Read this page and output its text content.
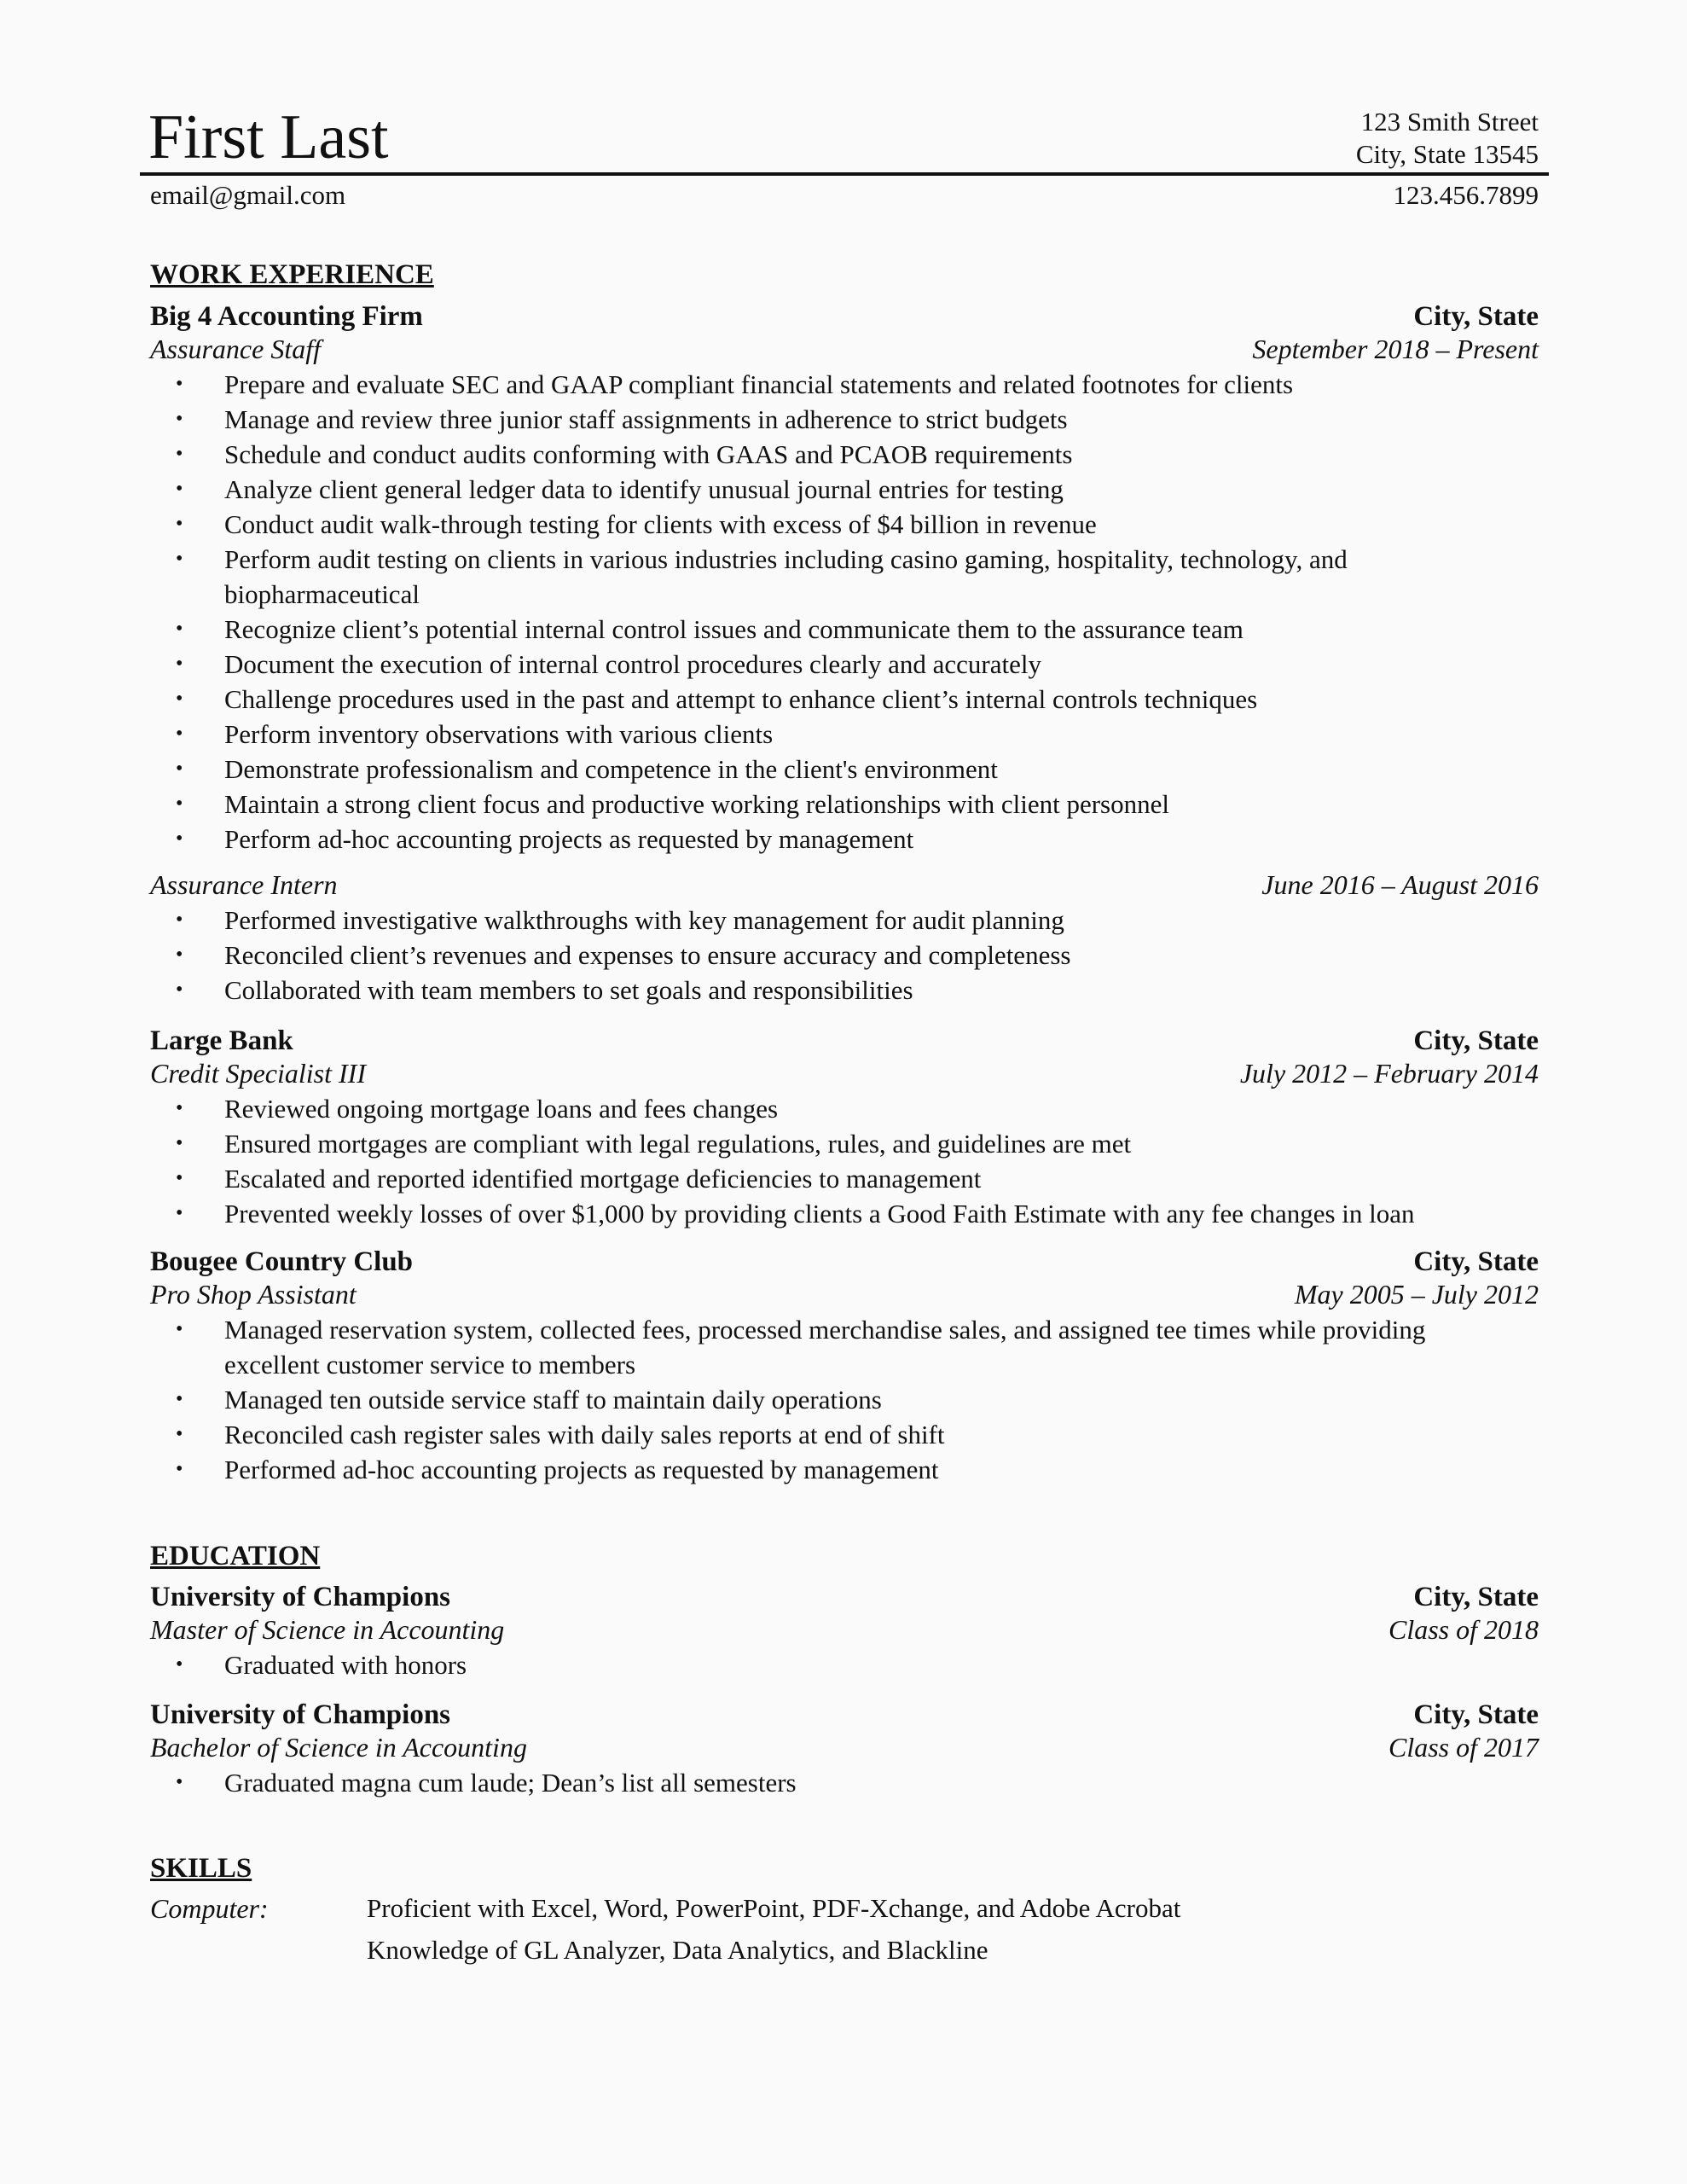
First Last	123 Smith Street
City, State 13545
email@gmail.com	123.456.7899
WORK EXPERIENCE
Big 4 Accounting Firm	City, State
Assurance Staff	September 2018 – Present
• Prepare and evaluate SEC and GAAP compliant financial statements and related footnotes for clients
• Manage and review three junior staff assignments in adherence to strict budgets
• Schedule and conduct audits conforming with GAAS and PCAOB requirements
• Analyze client general ledger data to identify unusual journal entries for testing
• Conduct audit walk-through testing for clients with excess of $4 billion in revenue
• Perform audit testing on clients in various industries including casino gaming, hospitality, technology, and biopharmaceutical
• Recognize client’s potential internal control issues and communicate them to the assurance team
• Document the execution of internal control procedures clearly and accurately
• Challenge procedures used in the past and attempt to enhance client’s internal controls techniques
• Perform inventory observations with various clients
• Demonstrate professionalism and competence in the client's environment
• Maintain a strong client focus and productive working relationships with client personnel
• Perform ad-hoc accounting projects as requested by management
Assurance Intern	June 2016 – August 2016
• Performed investigative walkthroughs with key management for audit planning
• Reconciled client’s revenues and expenses to ensure accuracy and completeness
• Collaborated with team members to set goals and responsibilities
Large Bank	City, State
Credit Specialist III	July 2012 – February 2014
• Reviewed ongoing mortgage loans and fees changes
• Ensured mortgages are compliant with legal regulations, rules, and guidelines are met
• Escalated and reported identified mortgage deficiencies to management
• Prevented weekly losses of over $1,000 by providing clients a Good Faith Estimate with any fee changes in loan
Bougee Country Club	City, State
Pro Shop Assistant	May 2005 – July 2012
• Managed reservation system, collected fees, processed merchandise sales, and assigned tee times while providing excellent customer service to members
• Managed ten outside service staff to maintain daily operations
• Reconciled cash register sales with daily sales reports at end of shift
• Performed ad-hoc accounting projects as requested by management
EDUCATION
University of Champions	City, State
Master of Science in Accounting	Class of 2018
• Graduated with honors
University of Champions	City, State
Bachelor of Science in Accounting	Class of 2017
• Graduated magna cum laude; Dean’s list all semesters
SKILLS
Computer:	Proficient with Excel, Word, PowerPoint, PDF-Xchange, and Adobe Acrobat
Knowledge of GL Analyzer, Data Analytics, and Blackline
